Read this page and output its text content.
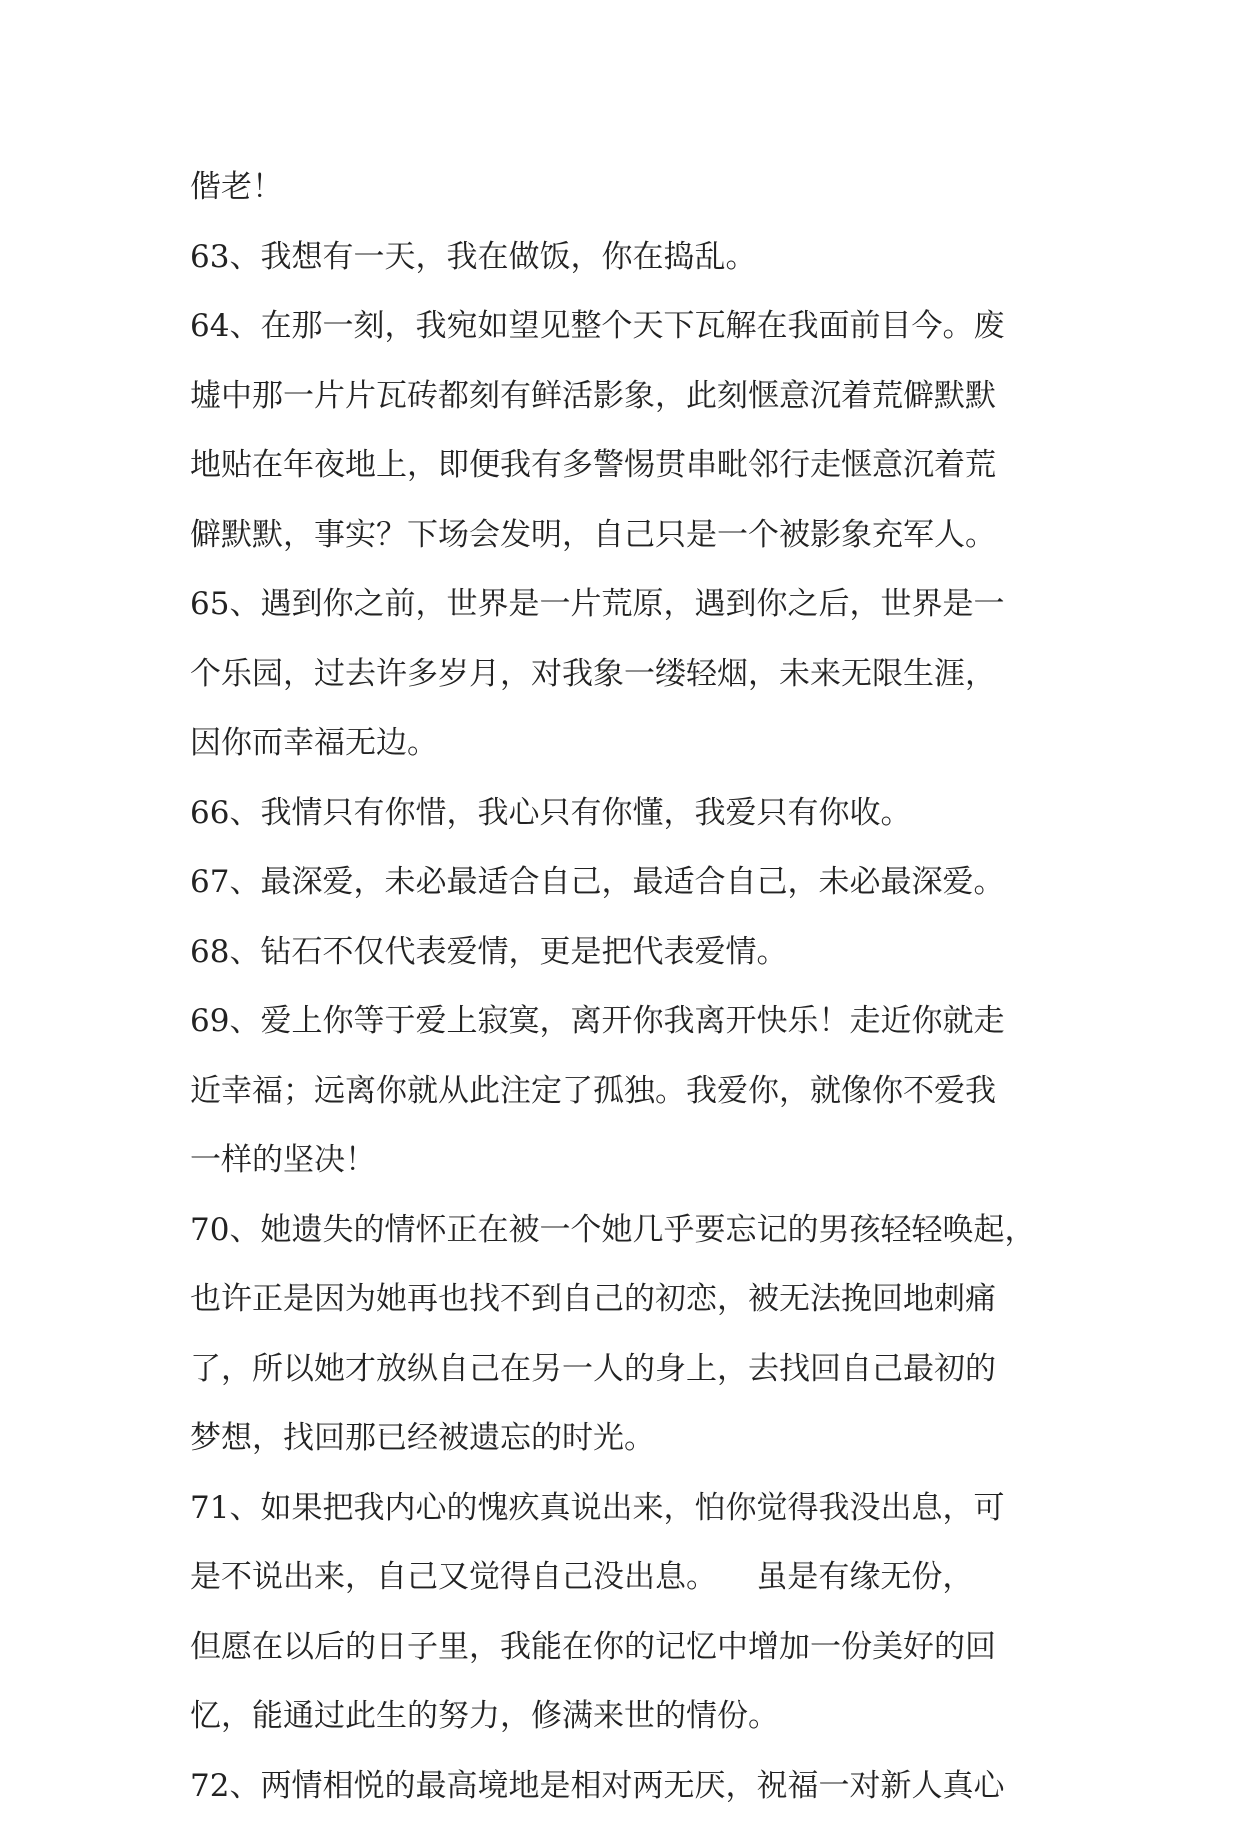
偕老！
63、我想有一天，我在做饭，你在捣乱。
64、在那一刻，我宛如望见整个天下瓦解在我面前目今。废
墟中那一片片瓦砖都刻有鲜活影象，此刻惬意沉着荒僻默默
地贴在年夜地上，即便我有多警惕贯串毗邻行走惬意沉着荒
僻默默，事实？下场会发明，自己只是一个被影象充军人。
65、遇到你之前，世界是一片荒原，遇到你之后，世界是一
个乐园，过去许多岁月，对我象一缕轻烟，未来无限生涯，
因你而幸福无边。
66、我情只有你惜，我心只有你懂，我爱只有你收。
67、最深爱，未必最适合自己，最适合自己，未必最深爱。
68、钻石不仅代表爱情，更是把代表爱情。
69、爱上你等于爱上寂寞，离开你我离开快乐！走近你就走
近幸福；远离你就从此注定了孤独。我爱你，就像你不爱我
一样的坚决！
70、她遗失的情怀正在被一个她几乎要忘记的男孩轻轻唤起，
也许正是因为她再也找不到自己的初恋，被无法挽回地刺痛
了，所以她才放纵自己在另一人的身上，去找回自己最初的
梦想，找回那已经被遗忘的时光。
71、如果把我内心的愧疚真说出来，怕你觉得我没出息，可
是不说出来，自己又觉得自己没出息。    虽是有缘无份，
但愿在以后的日子里，我能在你的记忆中增加一份美好的回
忆，能通过此生的努力，修满来世的情份。
72、两情相悦的最高境地是相对两无厌，祝福一对新人真心
